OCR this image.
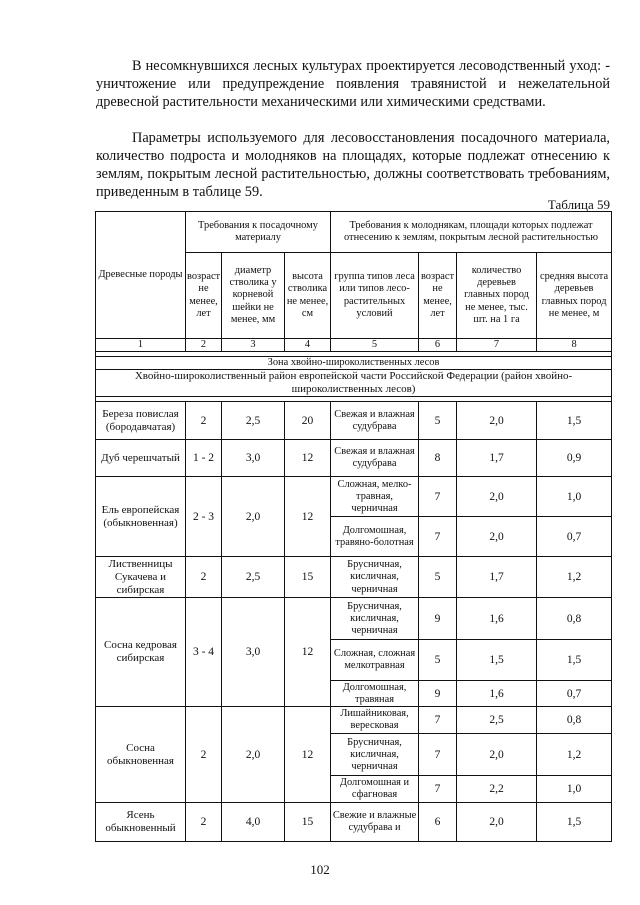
В несомкнувшихся лесных культурах проектируется лесоводственный уход: - уничтожение или предупреждение появления травянистой и нежелательной древесной растительности механическими или химическими средствами.

Параметры используемого для лесовосстановления посадочного материала, количество подроста и молодняков на площадях, которые подлежат отнесению к землям, покрытым лесной растительностью, должны соответствовать требованиям, приведенным в таблице 59.

Таблица 59
Древесные породы	Требования к посадочному материалу			Требования к молоднякам, площади которых подлежат отнесению к землям, покрытым лесной растительностью			
	возраст не менее, лет	диаметр стволика у корневой шейки не менее, мм	высота стволика не менее, см	группа типов леса или типов лесо-растительных условий	возраст не менее, лет	количество деревьев главных пород не менее, тыс. шт. на 1 га	средняя высота деревьев главных пород не менее, м
1	2	3	4	5	6	7	8

Зона хвойно-широколиственных лесов							
Хвойно-широколиственный район европейской части Российской Федерации (район хвойно-широколиственных лесов)							

Береза повислая (бородавчатая)	2	2,5	20	Свежая и влажная судубрава	5	2,0	1,5
Дуб черешчатый	1 - 2	3,0	12	Свежая и влажная судубрава	8	1,7	0,9
Ель европейская (обыкновенная)	2 - 3	2,0	12	Сложная, мелко-травная, черничная	7	2,0	1,0
				Долгомошная, травяно-болотная	7	2,0	0,7
Лиственницы Сукачева и сибирская	2	2,5	15	Брусничная, кисличная, черничная	5	1,7	1,2
Сосна кедровая сибирская	3 - 4	3,0	12	Брусничная, кисличная, черничная	9	1,6	0,8
				Сложная, сложная мелкотравная	5	1,5	1,5
				Долгомошная, травяная	9	1,6	0,7
Сосна обыкновенная	2	2,0	12	Лишайниковая, вересковая	7	2,5	0,8
				Брусничная, кисличная, черничная	7	2,0	1,2
				Долгомошная и сфагновая	7	2,2	1,0
Ясень обыкновенный	2	4,0	15	Свежие и влажные судубрава и	6	2,0	1,5
102
